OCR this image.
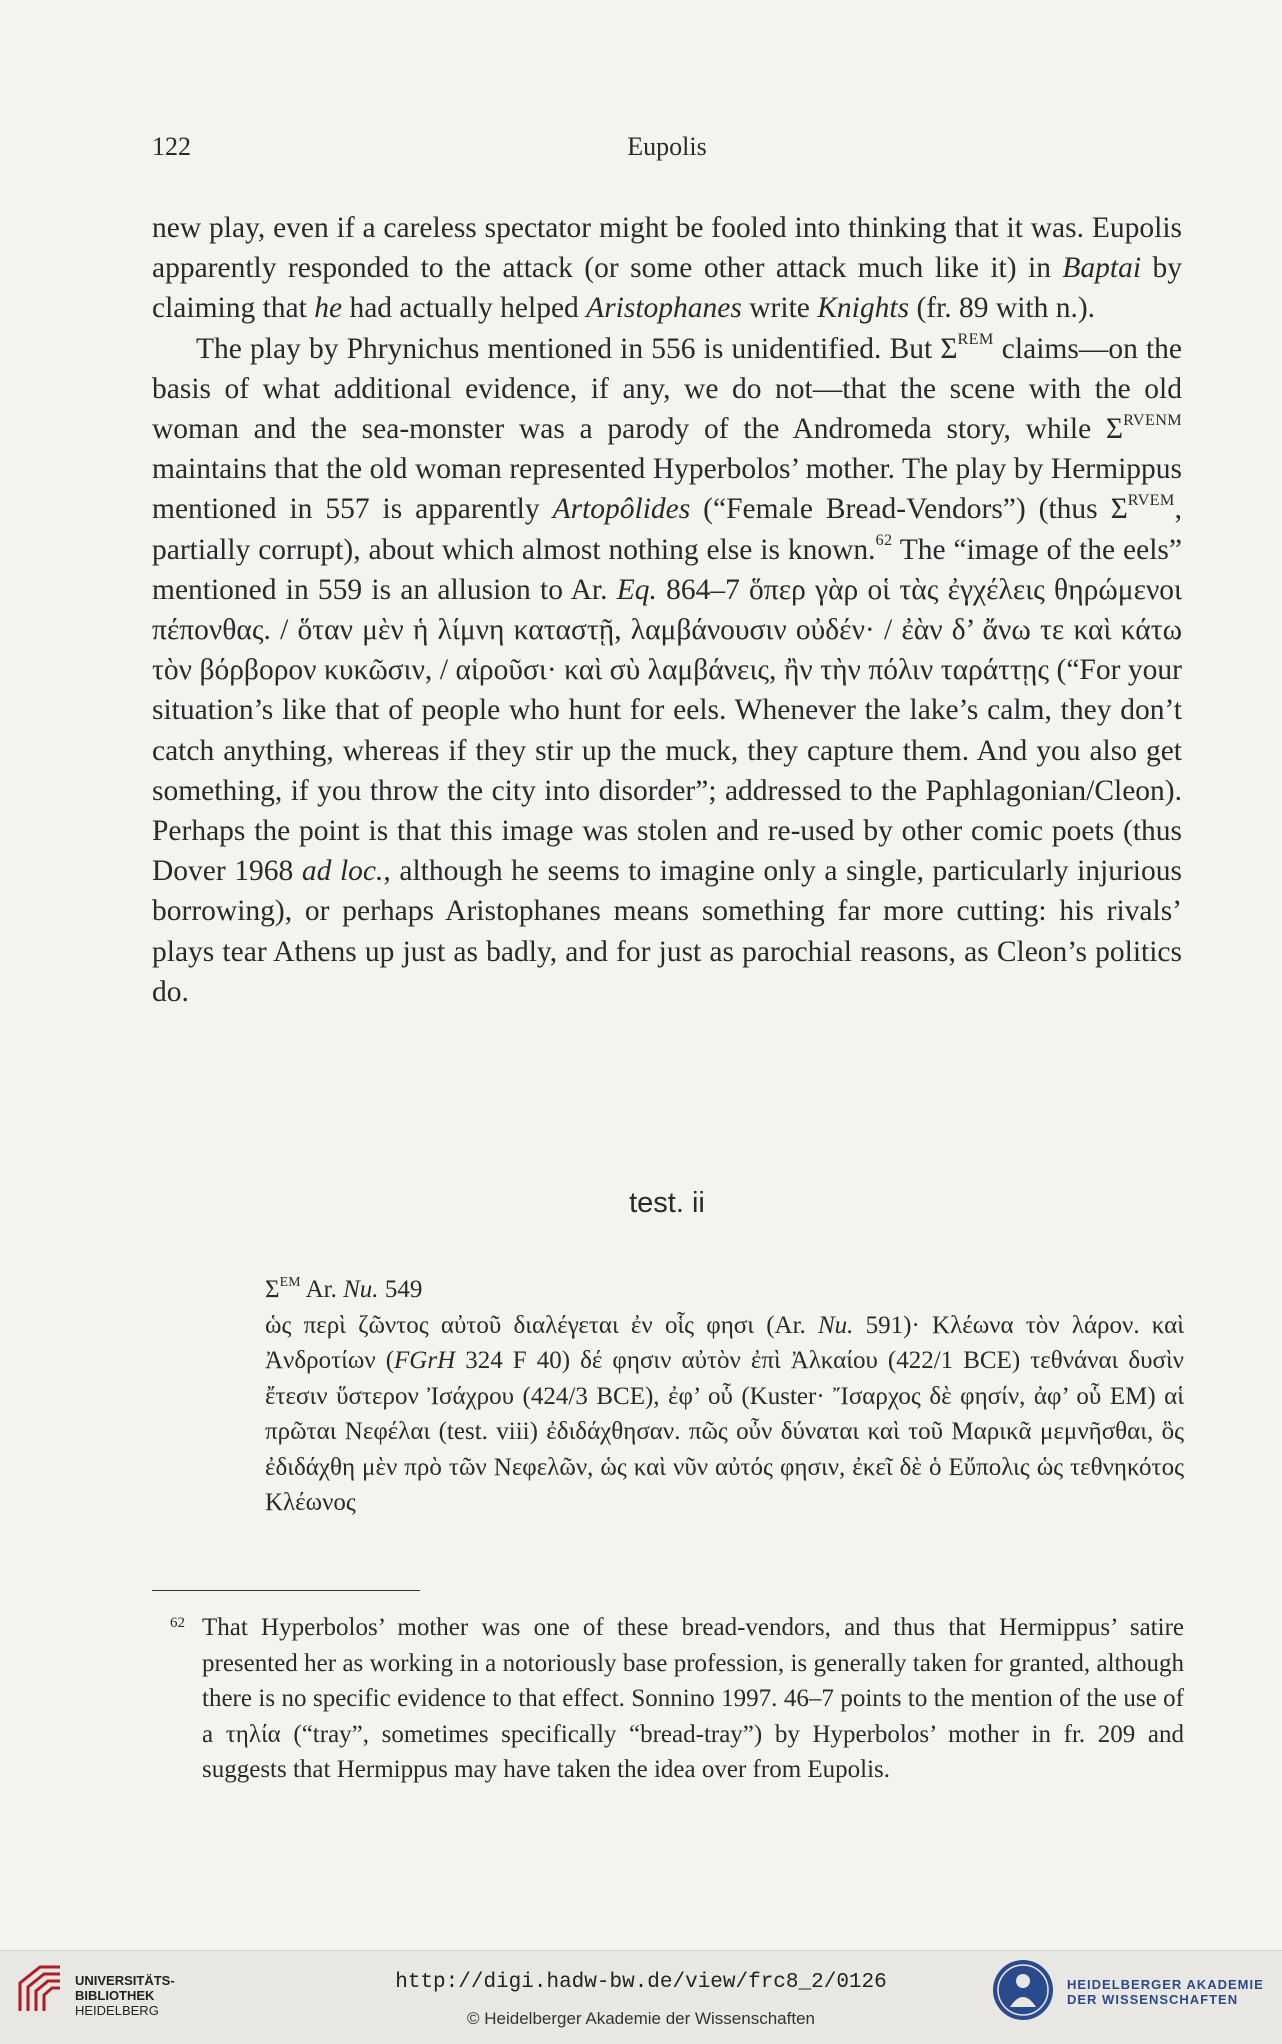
122	Eupolis

new play, even if a careless spectator might be fooled into thinking that it was. Eupolis apparently responded to the attack (or some other attack much like it) in Baptai by claiming that he had actually helped Aristophanes write Knights (fr. 89 with n.).

The play by Phrynichus mentioned in 556 is unidentified. But $\Sigma^{REM}$ claims—on the basis of what additional evidence, if any, we do not—that the scene with the old woman and the sea-monster was a parody of the Andromeda story, while $\Sigma^{RVENM}$ maintains that the old woman represented Hyperbolos’ mother. The play by Hermippus mentioned in 557 is apparently Artopôlides (“Female Bread-Vendors”) (thus $\Sigma^{RVEM}$, partially corrupt), about which almost nothing else is known.$^{62}$ The “image of the eels” mentioned in 559 is an allusion to Ar. Eq. 864–7 ὅπερ γὰρ οἱ τὰς ἐγχέλεις θηρώμενοι πέπονθας. / ὅταν μὲν ἡ λίμνη καταστῇ, λαμβάνουσιν οὐδέν· / ἐὰν δ’ ἄνω τε καὶ κάτω τὸν βόρβορον κυκῶσιν, / αἱροῦσι· καὶ σὺ λαμβάνεις, ἢν τὴν πόλιν ταράττῃς (“For your situation’s like that of people who hunt for eels. Whenever the lake’s calm, they don’t catch anything, whereas if they stir up the muck, they capture them. And you also get something, if you throw the city into disorder”; addressed to the Paphlagonian/Cleon). Perhaps the point is that this image was stolen and re-used by other comic poets (thus Dover 1968 ad loc., although he seems to imagine only a single, particularly injurious borrowing), or perhaps Aristophanes means something far more cutting: his rivals’ plays tear Athens up just as badly, and for just as parochial reasons, as Cleon’s politics do.

test. ii

$\Sigma^{EM}$ Ar. Nu. 549

ὡς περὶ ζῶντος αὐτοῦ διαλέγεται ἐν οἷς φησι (Ar. Nu. 591)· Κλέωνα τὸν λάρον. καὶ Ἀνδροτίων (FGrH 324 F 40) δέ φησιν αὐτὸν ἐπὶ Ἀλκαίου (422/1 BCE) τεθνάναι δυσὶν ἔτεσιν ὕστερον Ἰσάχρου (424/3 BCE), ἐφ’ οὗ (Kuster· Ἴσαρχος δὲ φησίν, ἀφ’ οὗ EM) αἱ πρῶται Νεφέλαι (test. viii) ἐδιδάχθησαν. πῶς οὖν δύναται καὶ τοῦ Μαρικᾶ μεμνῆσθαι, ὃς ἐδιδάχθη μὲν πρὸ τῶν Νεφελῶν, ὡς καὶ νῦν αὐτός φησιν, ἐκεῖ δὲ ὁ Εὔπολις ὡς τεθνηκότος Κλέωνος

62 That Hyperbolos’ mother was one of these bread-vendors, and thus that Hermippus’ satire presented her as working in a notoriously base profession, is generally taken for granted, although there is no specific evidence to that effect. Sonnino 1997. 46–7 points to the mention of the use of a τηλία (“tray”, sometimes specifically “bread-tray”) by Hyperbolos’ mother in fr. 209 and suggests that Hermippus may have taken the idea over from Eupolis.
UNIVERSITÄTS-
BIBLIOTHEK
HEIDELBERG
http://digi.hadw-bw.de/view/frc8_2/0126
© Heidelberger Akademie der Wissenschaften
HEIDELBERGER AKADEMIE
DER WISSENSCHAFTEN
